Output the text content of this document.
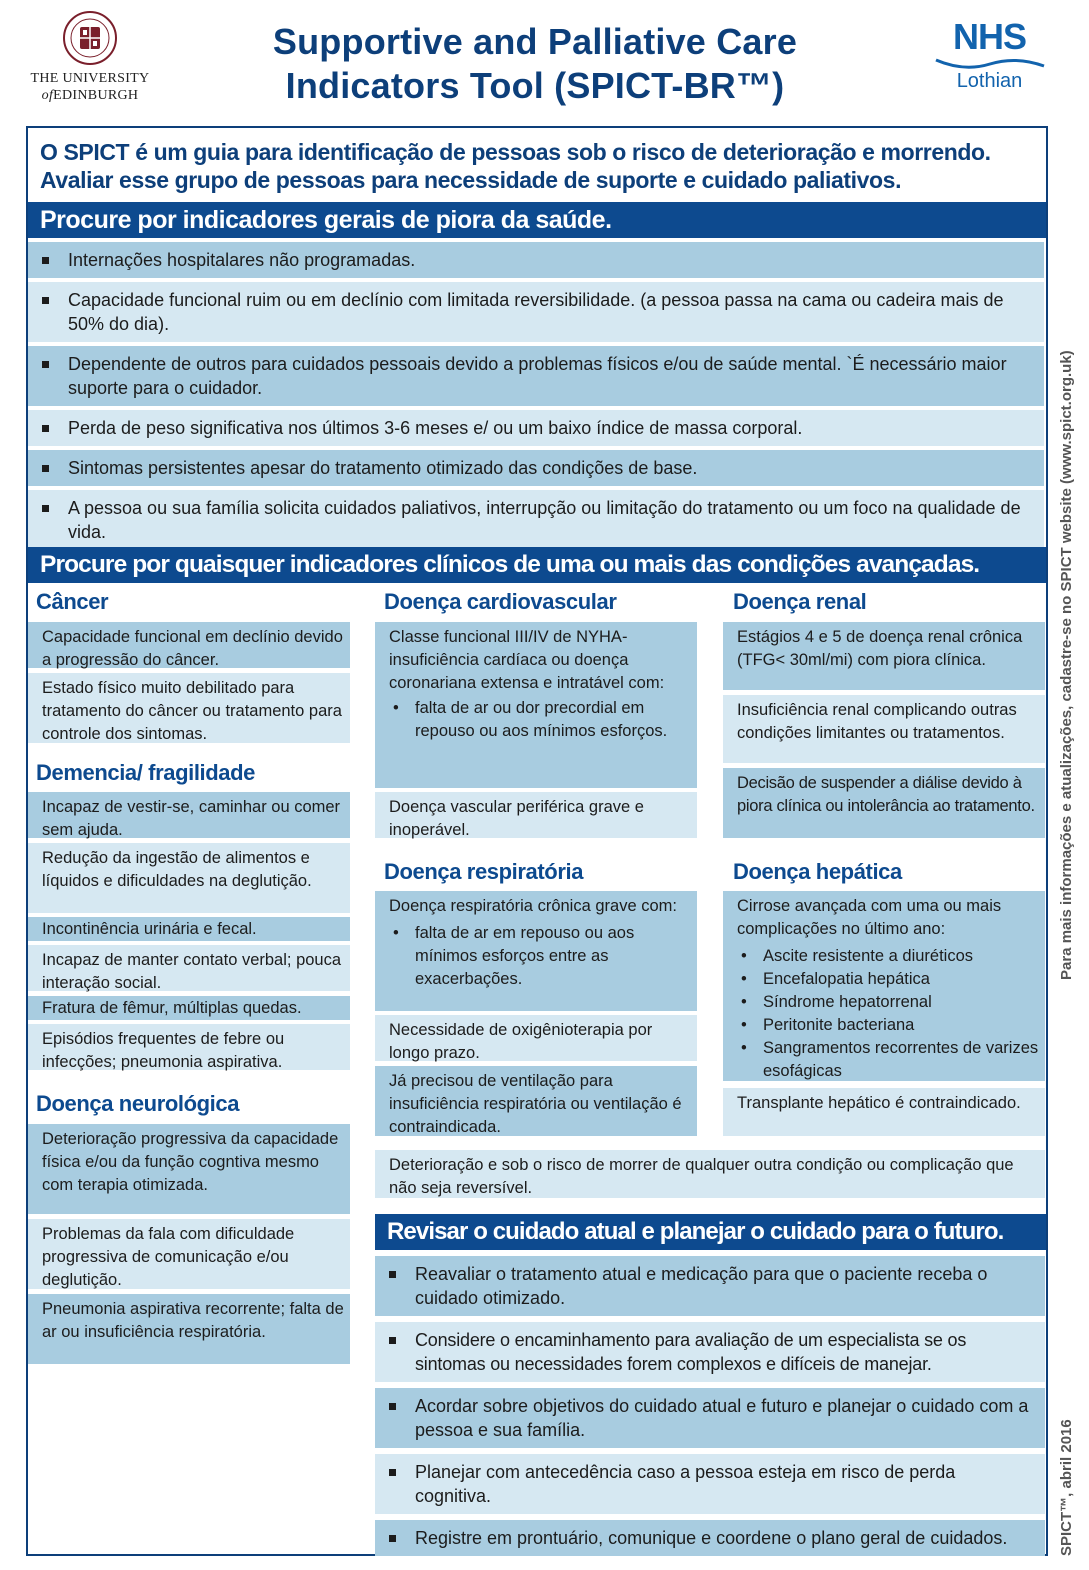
THE UNIVERSITY
ofEDINBURGH
Supportive and Palliative Care
Indicators Tool (SPICT-BR™)
NHS
Lothian
O SPICT é um guia para identificação de pessoas sob o risco de deterioração e morrendo.
Avaliar esse grupo de pessoas para necessidade de suporte e cuidado paliativos.
Procure por indicadores gerais de piora da saúde.
Internações hospitalares não programadas.
Capacidade funcional ruim ou em declínio com limitada reversibilidade. (a pessoa passa na cama ou cadeira mais de 50% do dia).
Dependente de outros para cuidados pessoais devido a problemas físicos e/ou de saúde mental. `É necessário maior suporte para o cuidador.
Perda de peso significativa nos últimos 3-6 meses e/ ou um baixo índice de massa corporal.
Sintomas persistentes apesar do tratamento otimizado das condições de base.
A pessoa ou sua família solicita cuidados paliativos, interrupção ou limitação do tratamento ou um foco na qualidade de vida.
Procure por quaisquer indicadores clínicos de uma ou mais das condições avançadas.
Câncer
Capacidade funcional em declínio devido a progressão do câncer.
Estado físico muito debilitado para tratamento do câncer ou tratamento para controle dos sintomas.
Demencia/ fragilidade
Incapaz de vestir-se, caminhar ou comer sem ajuda.
Redução da ingestão de alimentos e líquidos e dificuldades na deglutição.
Incontinência urinária e fecal.
Incapaz de manter contato verbal; pouca interação social.
Fratura de fêmur, múltiplas quedas.
Episódios frequentes de febre ou infecções; pneumonia aspirativa.
Doença neurológica
Deterioração progressiva da capacidade física e/ou da função cogntiva mesmo com terapia otimizada.
Problemas da fala com dificuldade progressiva de comunicação e/ou deglutição.
Pneumonia aspirativa recorrente; falta de ar ou insuficiência respiratória.
Doença cardiovascular
Classe funcional III/IV de NYHA- insuficiência cardíaca ou doença coronariana extensa e intratável com:
• falta de ar ou dor precordial em repouso ou aos mínimos esforços.
Doença vascular periférica grave e inoperável.
Doença respiratória
Doença respiratória crônica grave com:
• falta de ar em repouso ou aos mínimos esforços entre as exacerbações.
Necessidade de oxigênioterapia por longo prazo.
Já precisou de ventilação para insuficiência respiratória ou ventilação é contraindicada.
Doença renal
Estágios 4 e 5 de doença renal crônica (TFG< 30ml/mi) com piora clínica.
Insuficiência renal complicando outras condições limitantes ou tratamentos.
Decisão de suspender a diálise devido à piora clínica ou intolerância ao tratamento.
Doença hepática
Cirrose avançada com uma ou mais complicações no último ano:
• Ascite resistente a diuréticos
• Encefalopatia hepática
• Síndrome hepatorrenal
• Peritonite bacteriana
• Sangramentos recorrentes de varizes esofágicas
Transplante hepático é contraindicado.
Deterioração e sob o risco de morrer de qualquer outra condição ou complicação que não seja reversível.
Revisar o cuidado atual e planejar o cuidado para o futuro.
Reavaliar o tratamento atual e medicação para que o paciente receba o cuidado otimizado.
Considere o encaminhamento para avaliação de um especialista se os sintomas ou necessidades forem complexos e difíceis de manejar.
Acordar sobre objetivos do cuidado atual e futuro e planejar o cuidado com a pessoa e sua família.
Planejar com antecedência caso a pessoa esteja em risco de perda cognitiva.
Registre em prontuário, comunique e coordene o plano geral de cuidados.
Para mais informações e atualizações, cadastre-se no SPICT website (www.spict.org.uk)
SPICT™, abril 2016
